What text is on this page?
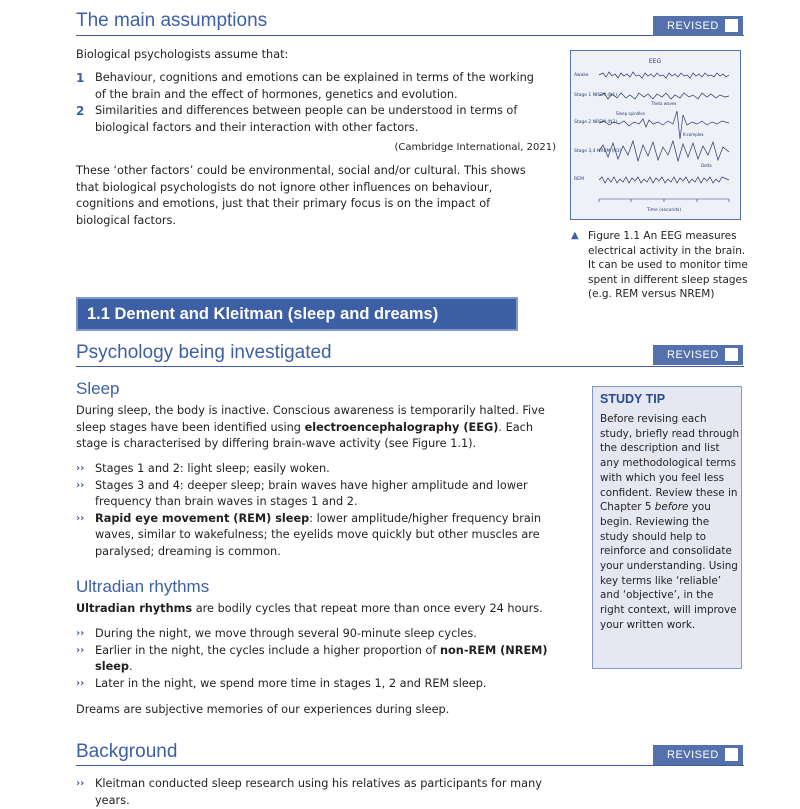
The main assumptions	REVISED
Biological psychologists assume that:
1 Behaviour, cognitions and emotions can be explained in terms of the working of the brain and the effect of hormones, genetics and evolution.
2 Similarities and differences between people can be understood in terms of biological factors and their interaction with other factors.
(Cambridge International, 2021)
These ‘other factors’ could be environmental, social and/or cultural. This shows that biological psychologists do not ignore other influences on behaviour, cognitions and emotions, just that their primary focus is on the impact of biological factors.
EEG
Awake
Stage 1 NREM (N1)
Stage 2 NREM (N2)
Stage 3,4 NREM (N3)
REM
Theta waves
Sleep spindles
K-complex
Delta
Time (seconds)
▲ Figure 1.1 An EEG measures electrical activity in the brain. It can be used to monitor time spent in different sleep stages (e.g. REM versus NREM)
1.1 Dement and Kleitman (sleep and dreams)
Psychology being investigated	REVISED
Sleep
During sleep, the body is inactive. Conscious awareness is temporarily halted. Five sleep stages have been identified using electroencephalography (EEG). Each stage is characterised by differing brain-wave activity (see Figure 1.1).
›› Stages 1 and 2: light sleep; easily woken.
›› Stages 3 and 4: deeper sleep; brain waves have higher amplitude and lower frequency than brain waves in stages 1 and 2.
›› Rapid eye movement (REM) sleep: lower amplitude/higher frequency brain waves, similar to wakefulness; the eyelids move quickly but other muscles are paralysed; dreaming is common.
Ultradian rhythms
Ultradian rhythms are bodily cycles that repeat more than once every 24 hours.
›› During the night, we move through several 90-minute sleep cycles.
›› Earlier in the night, the cycles include a higher proportion of non-REM (NREM) sleep.
›› Later in the night, we spend more time in stages 1, 2 and REM sleep.
Dreams are subjective memories of our experiences during sleep.
STUDY TIP
Before revising each study, briefly read through the description and list any methodological terms with which you feel less confident. Review these in Chapter 5 before you begin. Reviewing the study should help to reinforce and consolidate your understanding. Using key terms like ‘reliable’ and ‘objective’, in the right context, will improve your written work.
Background	REVISED
›› Kleitman conducted sleep research using his relatives as participants for many years.
